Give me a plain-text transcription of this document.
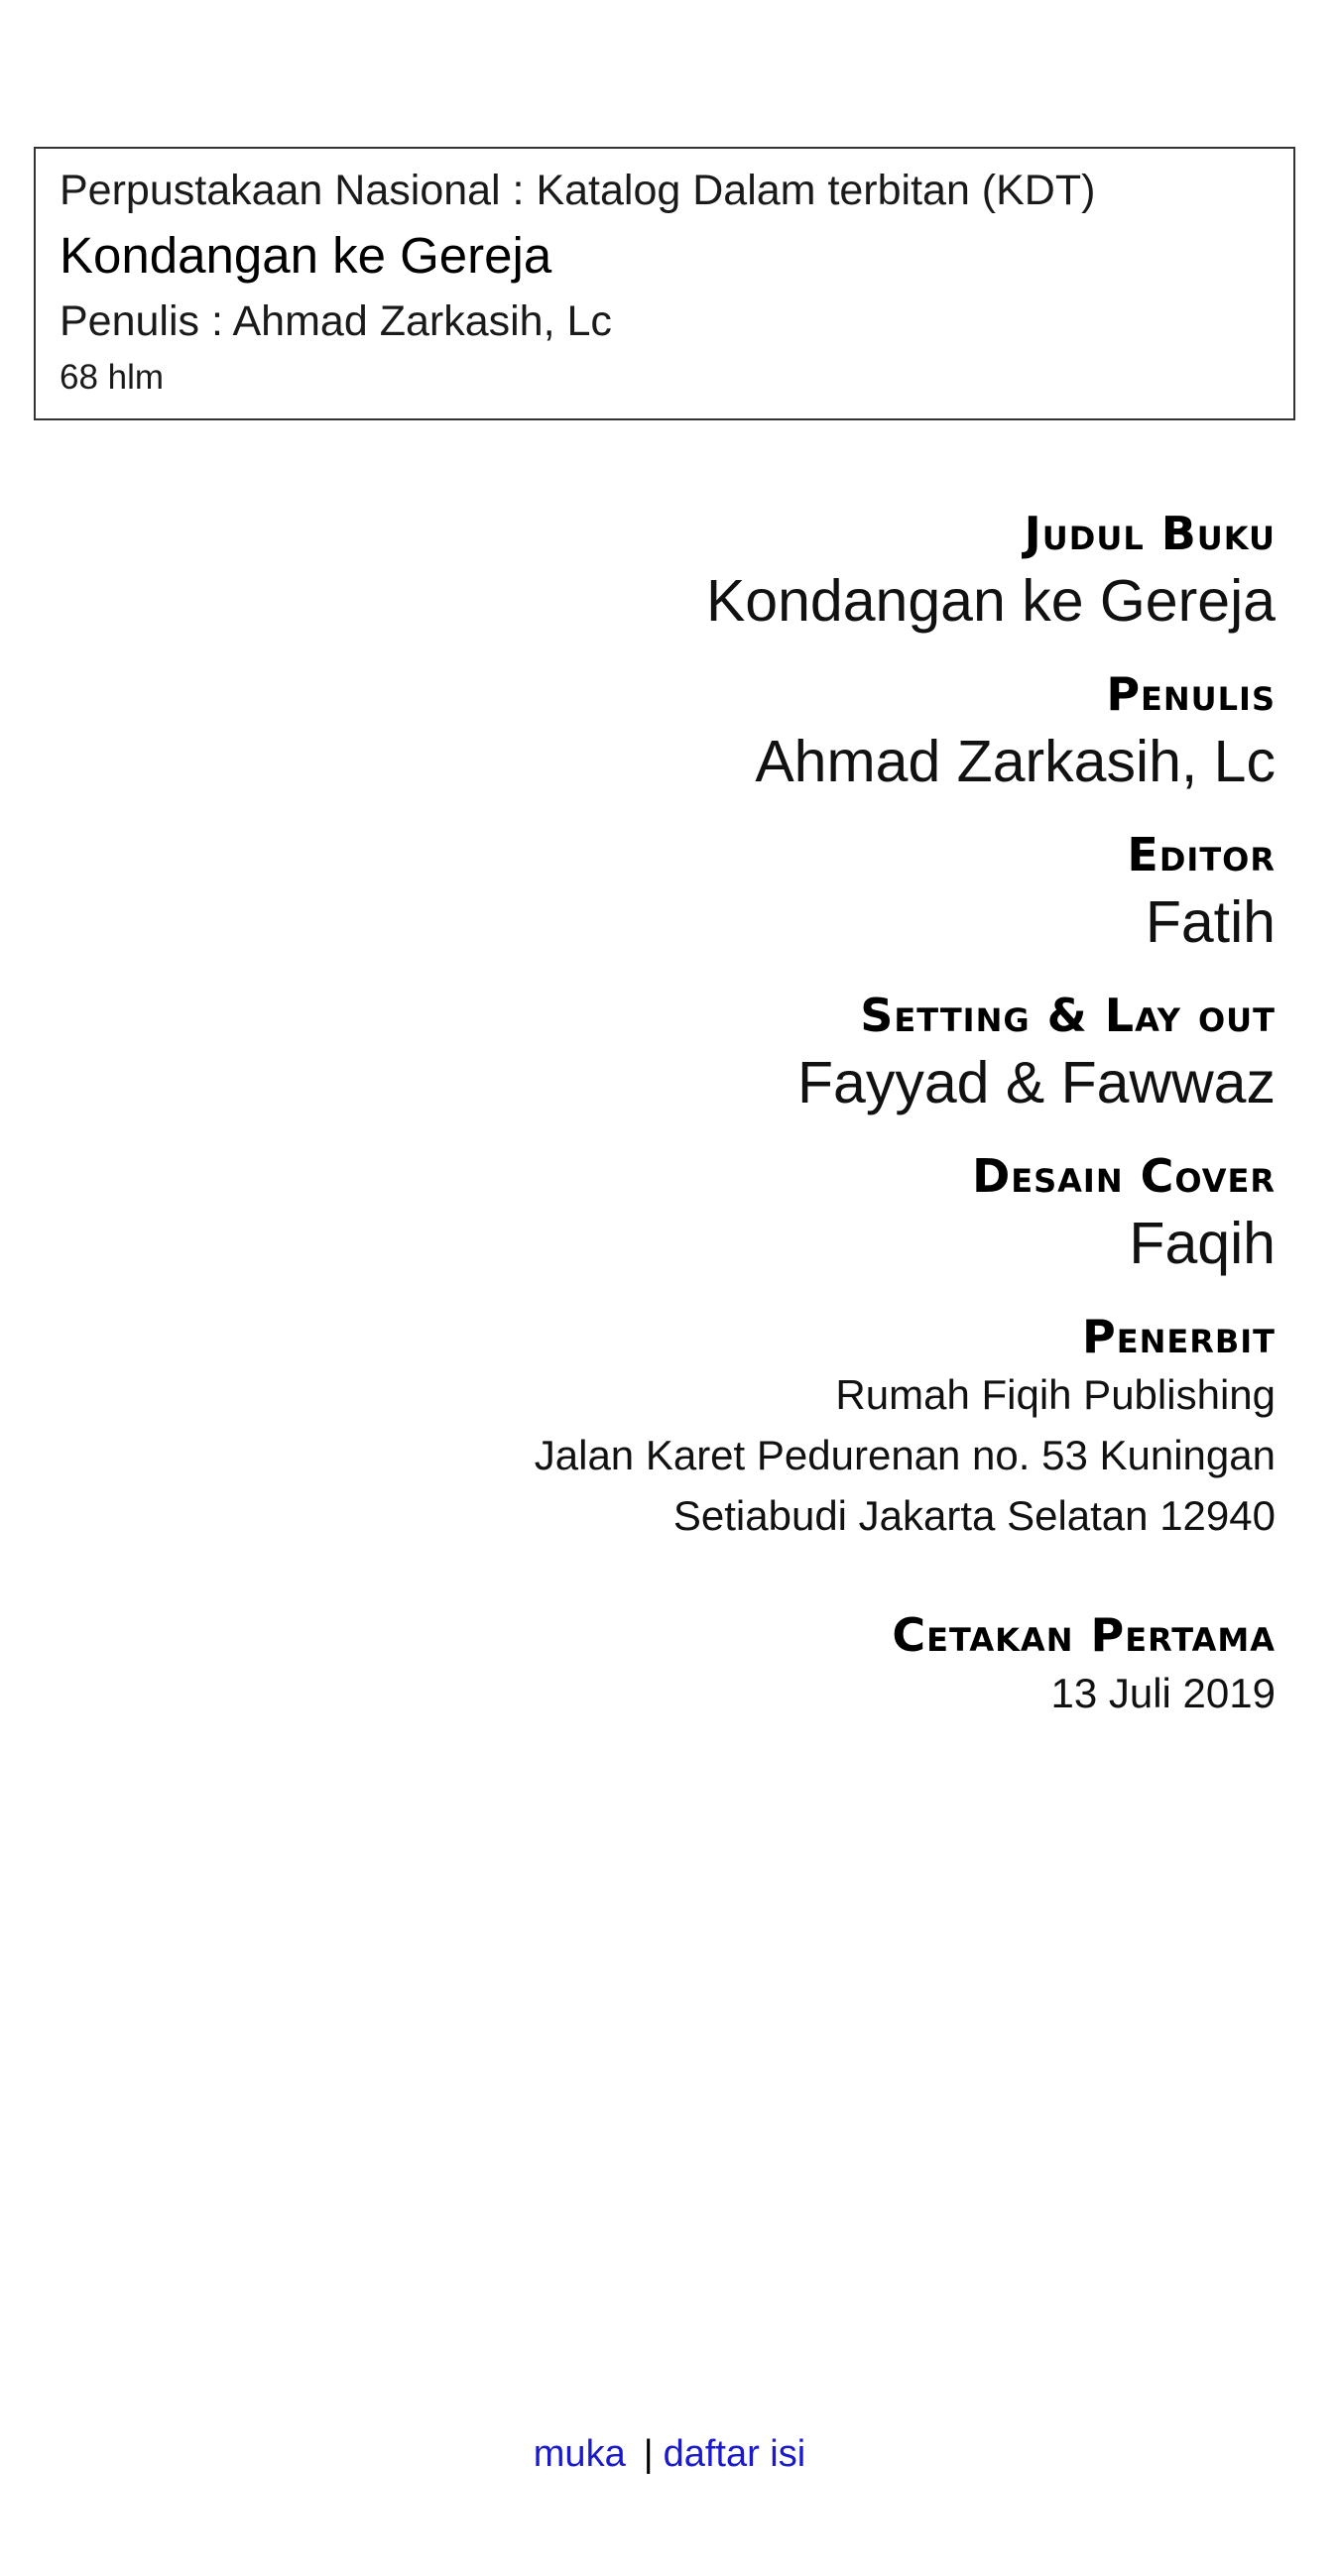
Perpustakaan Nasional : Katalog Dalam terbitan (KDT)
Kondangan ke Gereja
Penulis : Ahmad Zarkasih, Lc
68 hlm
Judul Buku
Kondangan ke Gereja
Penulis
Ahmad Zarkasih, Lc
Editor
Fatih
Setting & Lay out
Fayyad & Fawwaz
Desain Cover
Faqih
Penerbit
Rumah Fiqih Publishing
Jalan Karet Pedurenan no. 53 Kuningan
Setiabudi Jakarta Selatan 12940
Cetakan Pertama
13 Juli 2019
muka | daftar isi
